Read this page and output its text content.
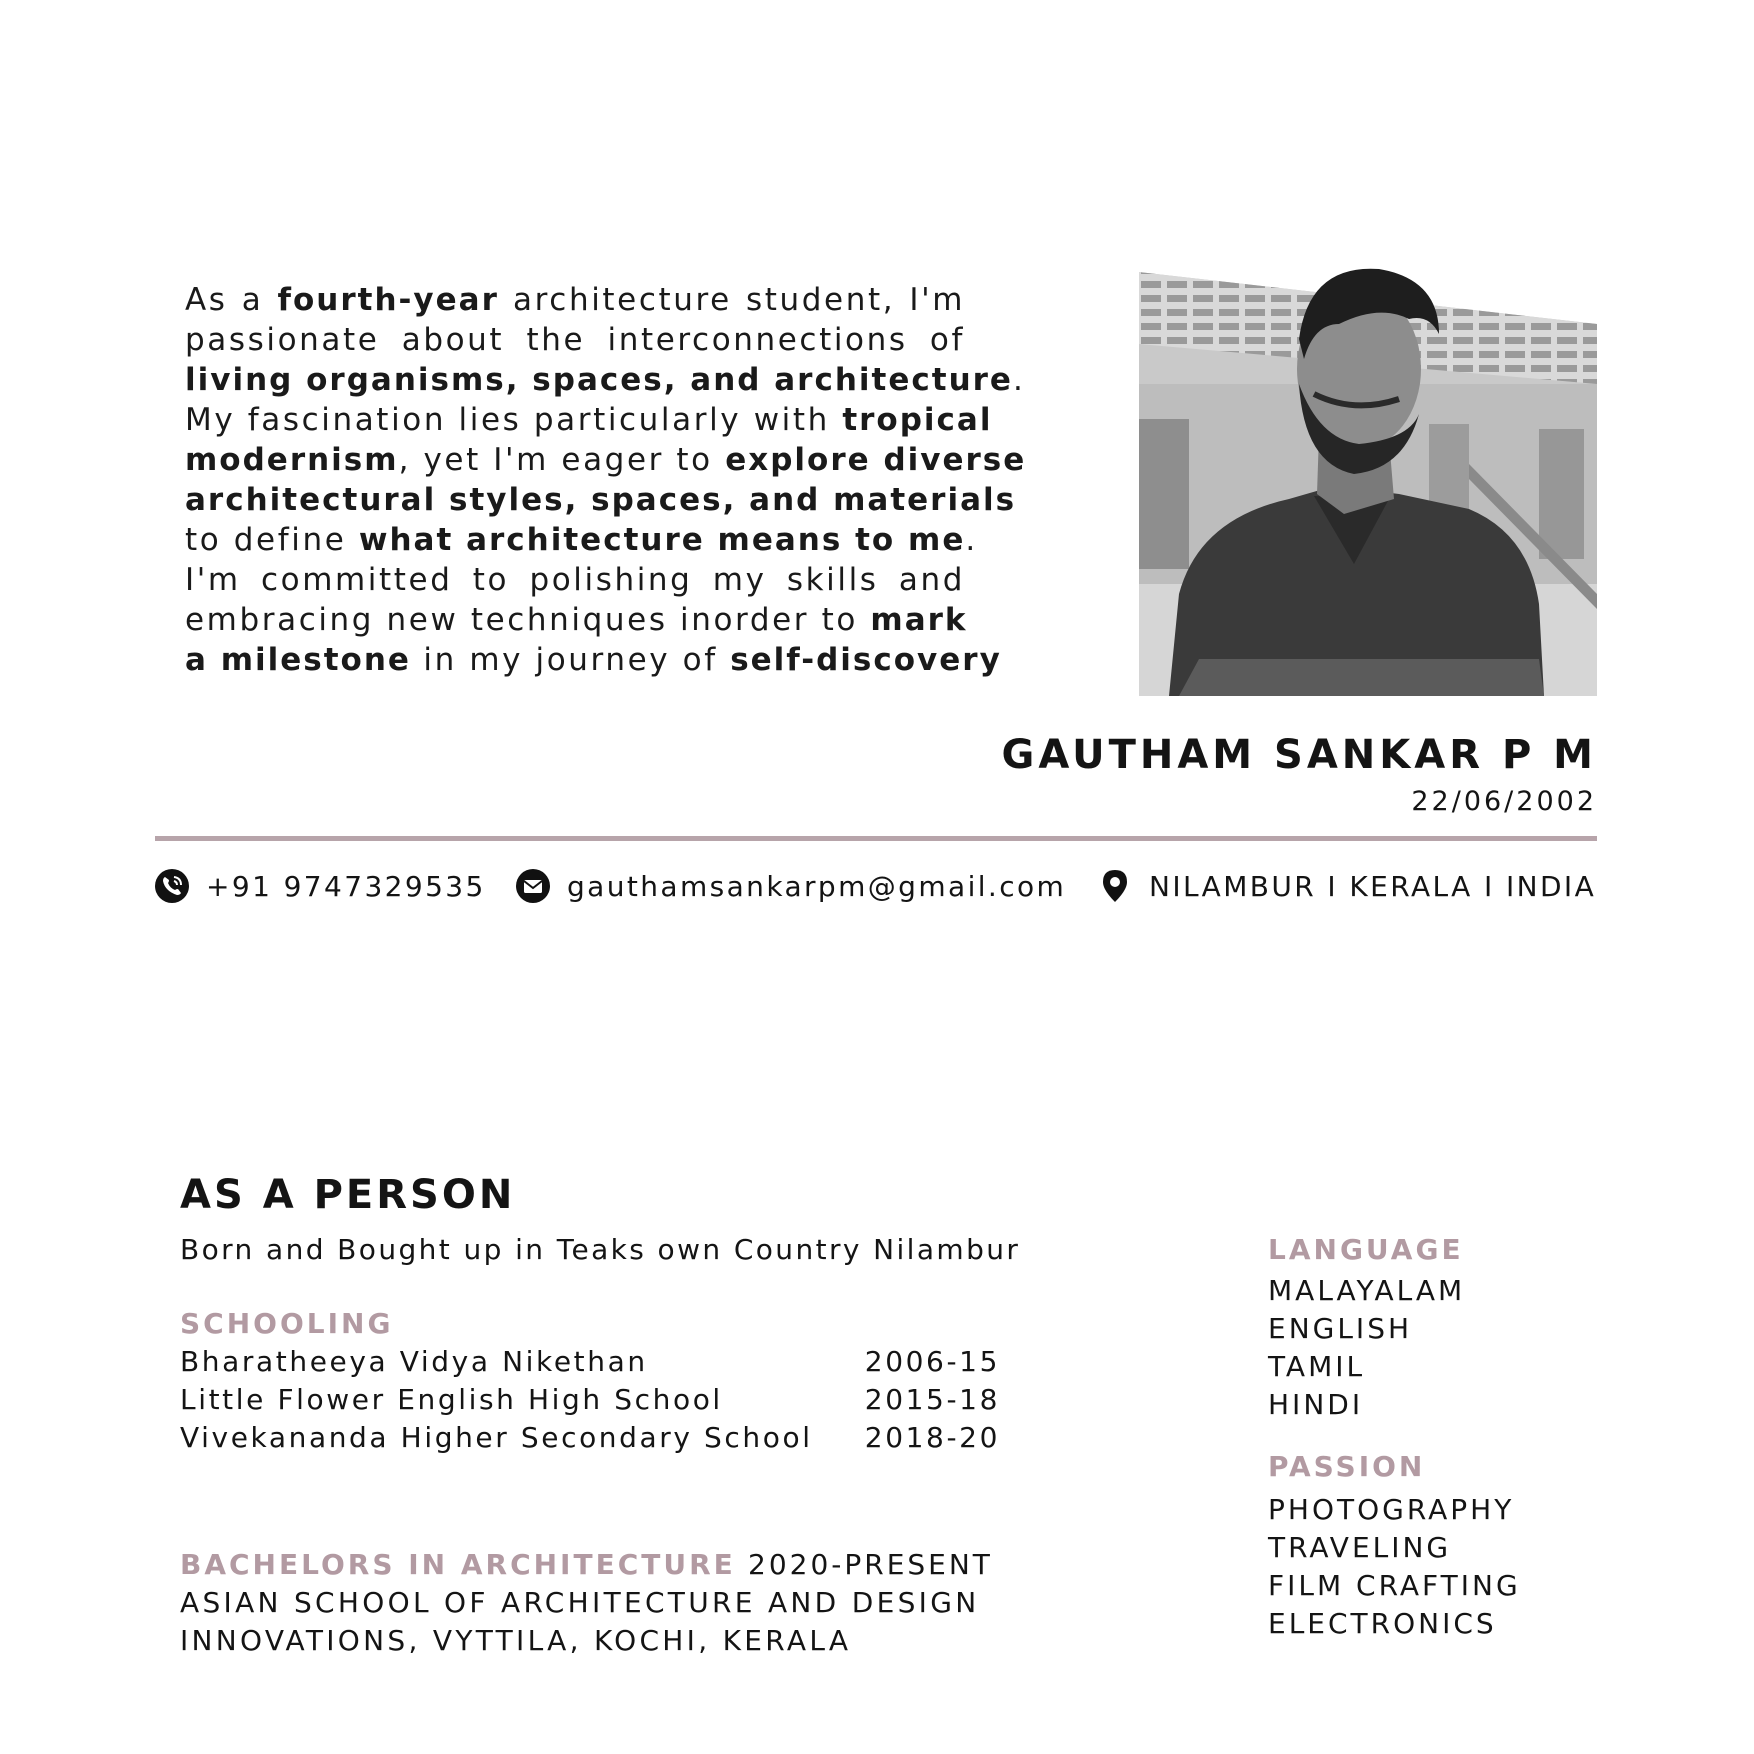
As a fourth-year architecture student, I'm
passionate about the interconnections of
living organisms, spaces, and architecture.
My fascination lies particularly with tropical
modernism, yet I'm eager to explore diverse
architectural styles, spaces, and materials
to define what architecture means to me.
I'm committed to polishing my skills and
embracing new techniques inorder to mark
a milestone in my journey of self-discovery
GAUTHAM SANKAR P M
22/06/2002
+91 9747329535	gauthamsankarpm@gmail.com	NILAMBUR I KERALA I INDIA
AS A PERSON
Born and Bought up in Teaks own Country Nilambur
SCHOOLING
Bharatheeya Vidya Nikethan	2006-15
Little Flower English High School	2015-18
Vivekananda Higher Secondary School 2018-20
BACHELORS IN ARCHITECTURE 2020-PRESENT
ASIAN SCHOOL OF ARCHITECTURE AND DESIGN
INNOVATIONS, VYTTILA, KOCHI, KERALA
LANGUAGE
MALAYALAM
ENGLISH
TAMIL
HINDI
PASSION
PHOTOGRAPHY
TRAVELING
FILM CRAFTING
ELECTRONICS
